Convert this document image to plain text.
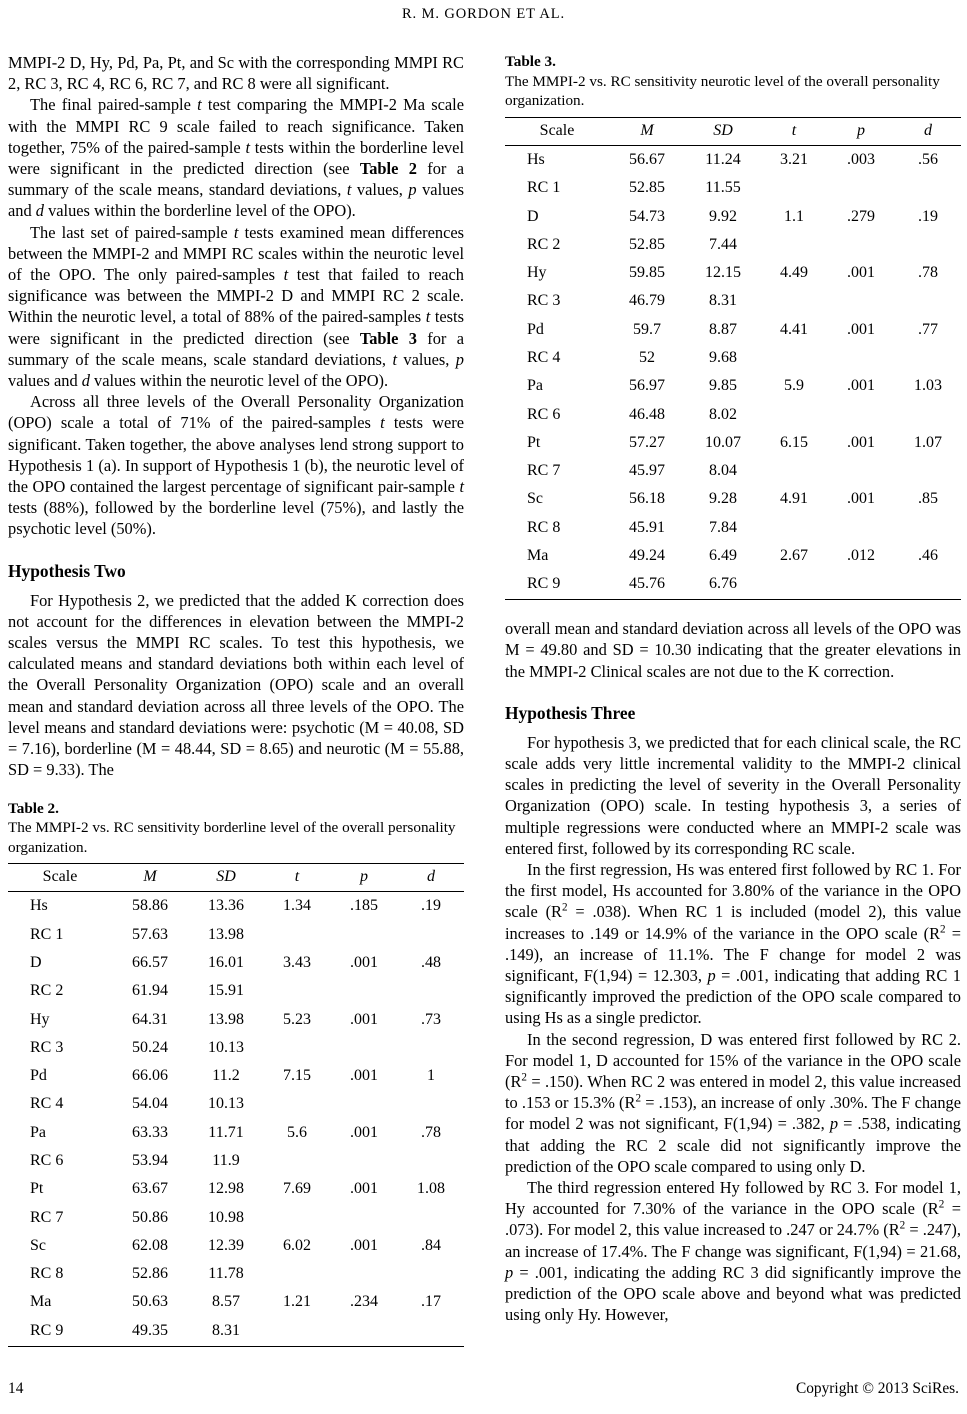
R. M. GORDON ET AL.

MMPI-2 D, Hy, Pd, Pa, Pt, and Sc with the corresponding MMPI RC 2, RC 3, RC 4, RC 6, RC 7, and RC 8 were all significant.

The final paired-sample t test comparing the MMPI-2 Ma scale with the MMPI RC 9 scale failed to reach significance. Taken together, 75% of the paired-sample t tests within the borderline level were significant in the predicted direction (see Table 2 for a summary of the scale means, standard deviations, t values, p values and d values within the borderline level of the OPO).

The last set of paired-sample t tests examined mean differences between the MMPI-2 and MMPI RC scales within the neurotic level of the OPO. The only paired-samples t test that failed to reach significance was between the MMPI-2 D and MMPI RC 2 scale. Within the neurotic level, a total of 88% of the paired-samples t tests were significant in the predicted direction (see Table 3 for a summary of the scale means, scale standard deviations, t values, p values and d values within the neurotic level of the OPO).

Across all three levels of the Overall Personality Organization (OPO) scale a total of 71% of the paired-samples t tests were significant. Taken together, the above analyses lend strong support to Hypothesis 1 (a). In support of Hypothesis 1 (b), the neurotic level of the OPO contained the largest percentage of significant pair-sample t tests (88%), followed by the borderline level (75%), and lastly the psychotic level (50%).

Hypothesis Two

For Hypothesis 2, we predicted that the added K correction does not account for the differences in elevation between the MMPI-2 scales versus the MMPI RC scales. To test this hypothesis, we calculated means and standard deviations both within each level of the Overall Personality Organization (OPO) scale and an overall mean and standard deviation across all three levels of the OPO. The level means and standard deviations were: psychotic (M = 40.08, SD = 7.16), borderline (M = 48.44, SD = 8.65) and neurotic (M = 55.88, SD = 9.33). The

Table 2.
The MMPI-2 vs. RC sensitivity borderline level of the overall personality organization.
Scale	M	SD	t	p	d
Hs	58.86	13.36	1.34	.185	.19
RC 1	57.63	13.98			
D	66.57	16.01	3.43	.001	.48
RC 2	61.94	15.91			
Hy	64.31	13.98	5.23	.001	.73
RC 3	50.24	10.13			
Pd	66.06	11.2	7.15	.001	1
RC 4	54.04	10.13			
Pa	63.33	11.71	5.6	.001	.78
RC 6	53.94	11.9			
Pt	63.67	12.98	7.69	.001	1.08
RC 7	50.86	10.98			
Sc	62.08	12.39	6.02	.001	.84
RC 8	52.86	11.78			
Ma	50.63	8.57	1.21	.234	.17
RC 9	49.35	8.31			
Table 3.
The MMPI-2 vs. RC sensitivity neurotic level of the overall personality organization.
Scale	M	SD	t	p	d
Hs	56.67	11.24	3.21	.003	.56
RC 1	52.85	11.55			
D	54.73	9.92	1.1	.279	.19
RC 2	52.85	7.44			
Hy	59.85	12.15	4.49	.001	.78
RC 3	46.79	8.31			
Pd	59.7	8.87	4.41	.001	.77
RC 4	52	9.68			
Pa	56.97	9.85	5.9	.001	1.03
RC 6	46.48	8.02			
Pt	57.27	10.07	6.15	.001	1.07
RC 7	45.97	8.04			
Sc	56.18	9.28	4.91	.001	.85
RC 8	45.91	7.84			
Ma	49.24	6.49	2.67	.012	.46
RC 9	45.76	6.76			

overall mean and standard deviation across all levels of the OPO was M = 49.80 and SD = 10.30 indicating that the greater elevations in the MMPI-2 Clinical scales are not due to the K correction.

Hypothesis Three

For hypothesis 3, we predicted that for each clinical scale, the RC scale adds very little incremental validity to the MMPI-2 clinical scales in predicting the level of severity in the Overall Personality Organization (OPO) scale. In testing hypothesis 3, a series of multiple regressions were conducted where an MMPI-2 scale was entered first, followed by its corresponding RC scale.

In the first regression, Hs was entered first followed by RC 1. For the first model, Hs accounted for 3.80% of the variance in the OPO scale $(R^2 = .038)$. When RC 1 is included (model 2), this value increases to .149 or 14.9% of the variance in the OPO scale $(R^2 = .149)$, an increase of 11.1%. The F change for model 2 was significant, F(1,94) = 12.303, p = .001, indicating that adding RC 1 significantly improved the prediction of the OPO scale compared to using Hs as a single predictor.

In the second regression, D was entered first followed by RC 2. For model 1, D accounted for 15% of the variance in the OPO scale $(R^2 = .150)$. When RC 2 was entered in model 2, this value increased to .153 or 15.3% $(R^2 = .153)$, an increase of only .30%. The F change for model 2 was not significant, F(1,94) = .382, p = .538, indicating that adding the RC 2 scale did not significantly improve the prediction of the OPO scale compared to using only D.

The third regression entered Hy followed by RC 3. For model 1, Hy accounted for 7.30% of the variance in the OPO scale $(R^2 = .073)$. For model 2, this value increased to .247 or 24.7% $(R^2 = .247)$, an increase of 17.4%. The F change was significant, F(1,94) = 21.68, p = .001, indicating the adding RC 3 did significantly improve the prediction of the OPO scale above and beyond what was predicted using only Hy. However,

14	Copyright © 2013 SciRes.
